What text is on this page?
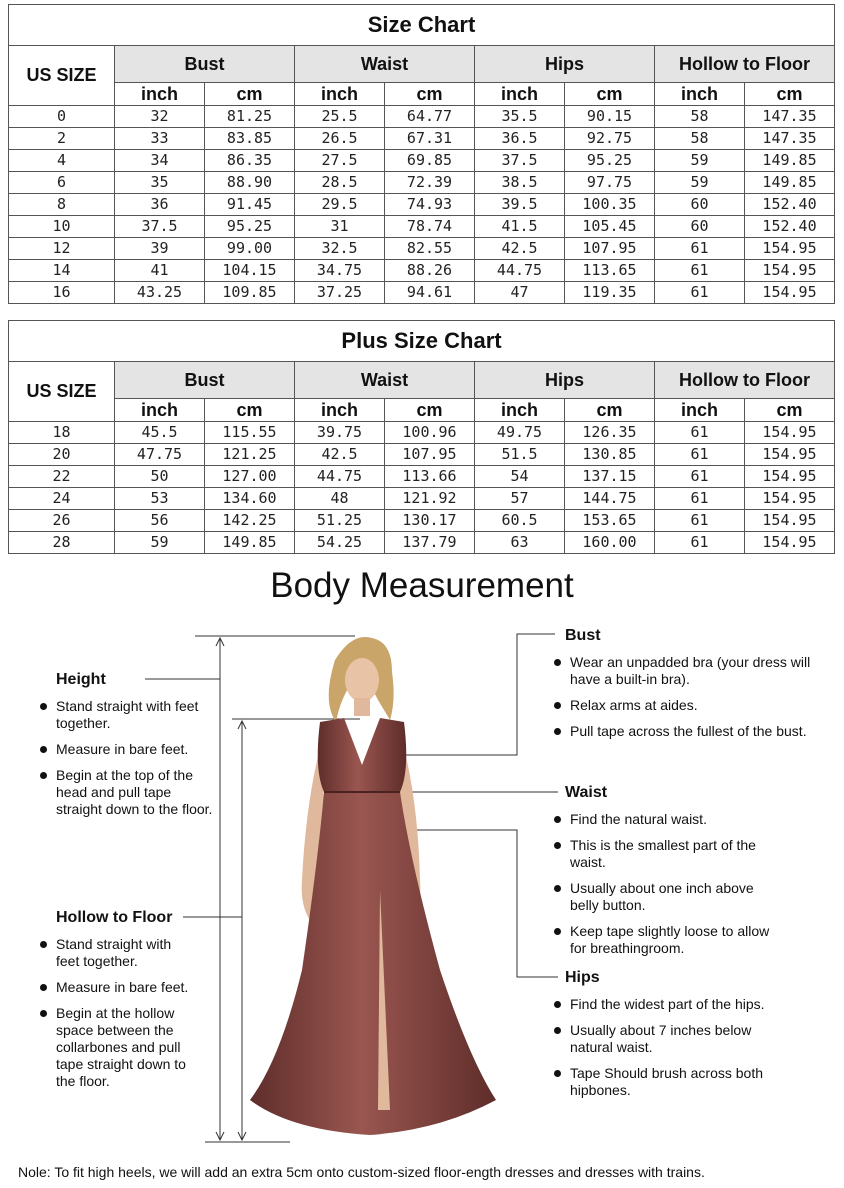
Size Chart								
US SIZE	Bust		Waist		Hips		Hollow to Floor	
	inch	cm	inch	cm	inch	cm	inch	cm
0	32	81.25	25.5	64.77	35.5	90.15	58	147.35
2	33	83.85	26.5	67.31	36.5	92.75	58	147.35
4	34	86.35	27.5	69.85	37.5	95.25	59	149.85
6	35	88.90	28.5	72.39	38.5	97.75	59	149.85
8	36	91.45	29.5	74.93	39.5	100.35	60	152.40
10	37.5	95.25	31	78.74	41.5	105.45	60	152.40
12	39	99.00	32.5	82.55	42.5	107.95	61	154.95
14	41	104.15	34.75	88.26	44.75	113.65	61	154.95
16	43.25	109.85	37.25	94.61	47	119.35	61	154.95
Plus Size Chart								
US SIZE	Bust		Waist		Hips		Hollow to Floor	
	inch	cm	inch	cm	inch	cm	inch	cm
18	45.5	115.55	39.75	100.96	49.75	126.35	61	154.95
20	47.75	121.25	42.5	107.95	51.5	130.85	61	154.95
22	50	127.00	44.75	113.66	54	137.15	61	154.95
24	53	134.60	48	121.92	57	144.75	61	154.95
26	56	142.25	51.25	130.17	60.5	153.65	61	154.95
28	59	149.85	54.25	137.79	63	160.00	61	154.95
Body Measurement
Height
Stand straight with feet together.
Measure in bare feet.
Begin at the top of the head and pull tape straight down to the floor.
Hollow to Floor
Stand straight with feet together.
Measure in bare feet.
Begin at the hollow space between the collarbones and pull tape straight down to the floor.
Bust
Wear an unpadded bra (your dress will have a built-in bra).
Relax arms at aides.
Pull tape across the fullest of the bust.
Waist
Find the natural waist.
This is the smallest part of the waist.
Usually about one inch above belly button.
Keep tape slightly loose to allow for breathingroom.
Hips
Find the widest part of the hips.
Usually about 7 inches below natural waist.
Tape Should brush across both hipbones.
Nole: To fit high heels, we will add an extra 5cm onto custom-sized floor-ength dresses and dresses with trains.
